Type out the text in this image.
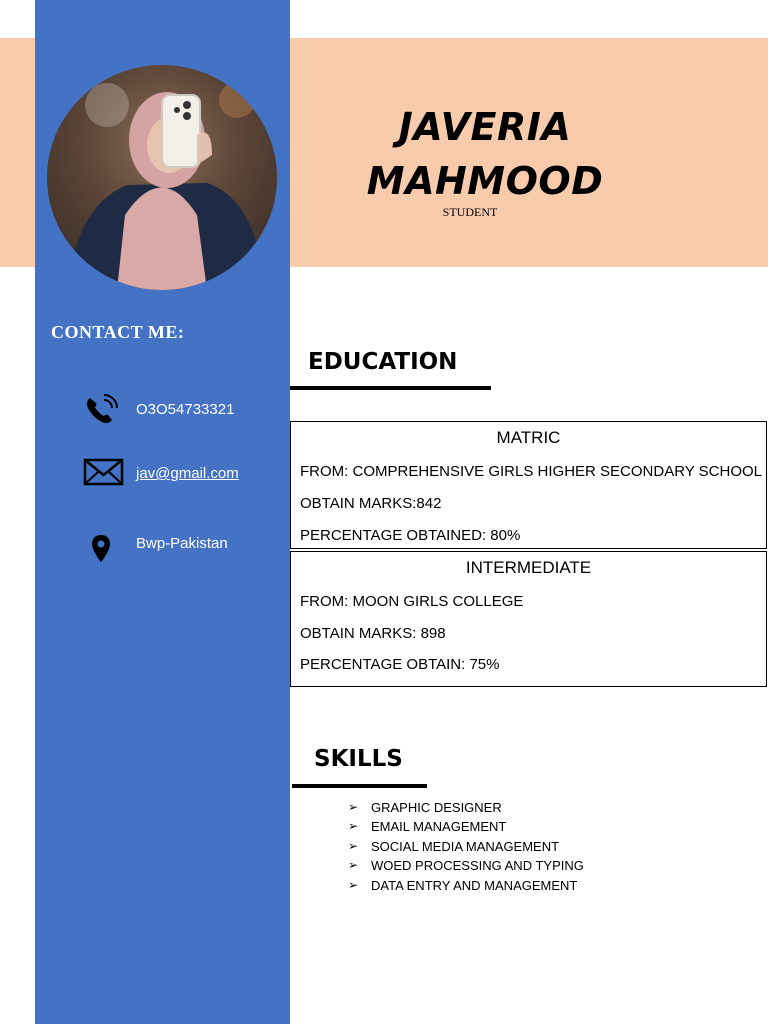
JAVERIA
MAHMOOD
STUDENT
CONTACT ME:
O3O54733321
jav@gmail.com
Bwp-Pakistan
EDUCATION
MATRIC
FROM: COMPREHENSIVE GIRLS HIGHER SECONDARY SCHOOL
OBTAIN MARKS:842
PERCENTAGE OBTAINED: 80%
INTERMEDIATE
FROM: MOON GIRLS COLLEGE
OBTAIN MARKS: 898
PERCENTAGE OBTAIN: 75%
SKILLS
➢ GRAPHIC DESIGNER
➢ EMAIL MANAGEMENT
➢ SOCIAL MEDIA MANAGEMENT
➢ WOED PROCESSING AND TYPING
➢ DATA ENTRY AND MANAGEMENT
